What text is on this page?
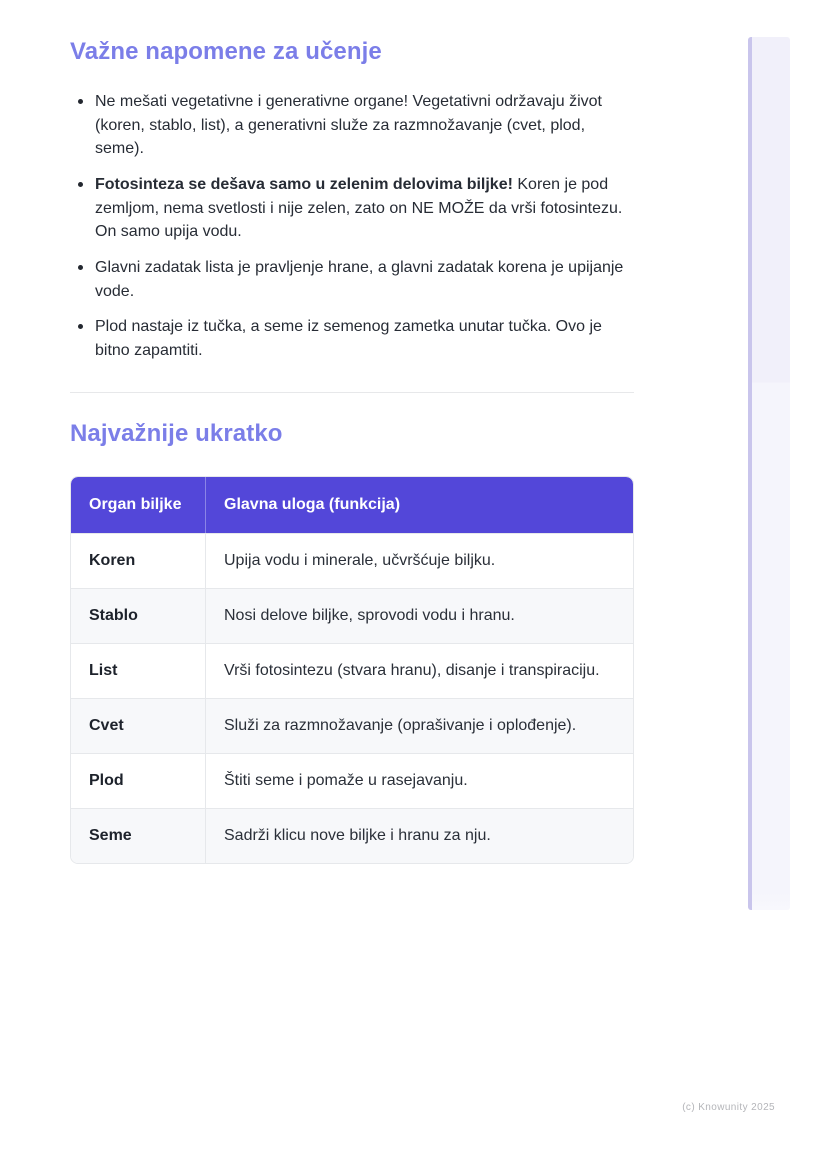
Važne napomene za učenje
Ne mešati vegetativne i generativne organe! Vegetativni održavaju život (koren, stablo, list), a generativni služe za razmnožavanje (cvet, plod, seme).
Fotosinteza se dešava samo u zelenim delovima biljke! Koren je pod zemljom, nema svetlosti i nije zelen, zato on NE MOŽE da vrši fotosintezu. On samo upija vodu.
Glavni zadatak lista je pravljenje hrane, a glavni zadatak korena je upijanje vode.
Plod nastaje iz tučka, a seme iz semenog zametka unutar tučka. Ovo je bitno zapamtiti.
Najvažnije ukratko
Organ biljke	Glavna uloga (funkcija)
Koren	Upija vodu i minerale, učvršćuje biljku.
Stablo	Nosi delove biljke, sprovodi vodu i hranu.
List	Vrši fotosintezu (stvara hranu), disanje i transpiraciju.
Cvet	Služi za razmnožavanje (oprašivanje i oplođenje).
Plod	Štiti seme i pomaže u rasejavanju.
Seme	Sadrži klicu nove biljke i hranu za nju.
(c) Knowunity 2025
